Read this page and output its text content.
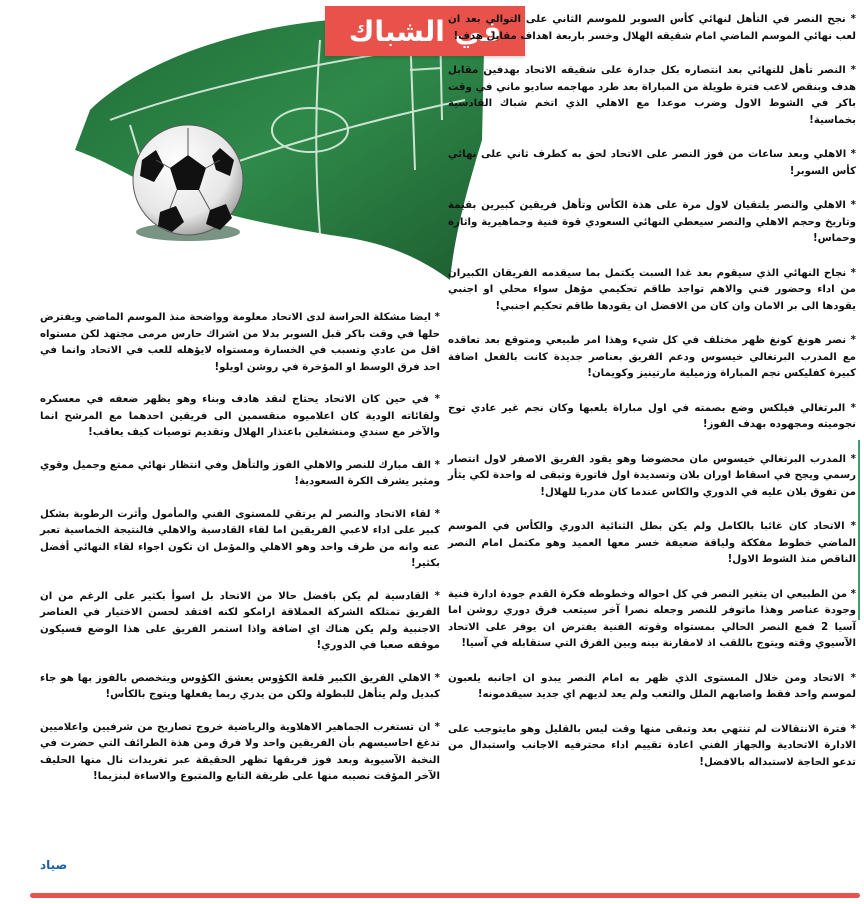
في الشباك

* نجح النصر في التأهل لنهائي كأس السوبر للموسم الثاني على التوالي بعد ان لعب نهائي الموسم الماضي امام شقيقه الهلال وخسر باربعة اهداف مقابل هدف!

* النصر تأهل للنهائي بعد انتصاره بكل جدارة على شقيقه الاتحاد بهدفين مقابل هدف وبنقص لاعب فترة طويلة من المباراة بعد طرد مهاجمه ساديو ماني في وقت باكر في الشوط الاول وضرب موعدا مع الاهلي الذي اتخم شباك القادسية بخماسية!

* الاهلي وبعد ساعات من فوز النصر على الاتحاد لحق به كطرف ثاني على نهائي كأس السوبر!

* الاهلي والنصر يلتقيان لاول مرة على هذة الكأس وتأهل فريقين كبيرين بقيمة وتاريخ وحجم الاهلي والنصر سيعطي النهائي السعودي قوة فنية وجماهيرية واثارة وحماس!

* نجاح النهائي الذي سيقوم بعد غدا السبت يكتمل بما سيقدمه الفريقان الكبيران من اداء وحضور فني والاهم تواجد طاقم تحكيمي مؤهل سواء محلي او اجنبي يقودها الى بر الامان وان كان من الافضل ان يقودها طاقم تحكيم اجنبي!

* نصر هونغ كونغ ظهر مختلف في كل شيء وهذا امر طبيعي ومتوقع بعد تعاقده مع المدرب البرتغالي خيسوس ودعم الفريق بعناصر جديدة كانت بالفعل اضافة كبيرة كفليكس نجم المباراة وزميلية مارتينيز وكويمان!

* البرتغالي فيلكس وضع بصمته في اول مباراة يلعبها وكان نجم غير عادي توج نجوميته ومجهوده بهدف الفوز!

* المدرب البرتغالي خيسوس مان محضوضا وهو يقود الفريق الاصفر لاول انتصار رسمي ويجح في اسقاط اوران بلان وتسديدة اول فاتورة وتبقى له واحدة لكي يثأر من تفوق بلان عليه في الدوري والكاس عندما كان مدربا للهلال!

* الاتحاد كان غائبا بالكامل ولم يكن بطل الثنائية الدوري والكأس في الموسم الماضي خطوط مفككة ولياقة ضعيفة خسر معها العميد وهو مكتمل امام النصر الناقص منذ الشوط الاول!

* من الطبيعي ان يتغير النصر في كل احواله وخطوطه فكرة القدم جودة ادارة فنية وجودة عناصر وهذا ماتوفر للنصر وجعله نصرا آخر سيتعب فرق دوري روشن اما آسيا 2 فمع النصر الحالي بمستواه وقوته الفنية يفترض ان يوفر على الاتحاد الآسيوي وقته ويتوج باللقب اذ لامقارنة بينه وبين الفرق التي ستقابله في آسيا!

* الاتحاد ومن خلال المستوى الذي ظهر به امام النصر يبدو ان اجانبه يلعبون لموسم واحد فقط واصابهم الملل والتعب ولم يعد لديهم اي جديد سيقدمونه!

* فترة الانتقالات لم تنتهي بعد وتبقى منها وقت ليس بالقليل وهو مايتوجب على الادارة الاتحادية والجهاز الفني اعادة تقييم اداء محترفيه الاجانب واستبدال من تدعو الحاجة لاستبداله بالافضل!

* ايضا مشكلة الحراسة لدى الاتحاد معلومة وواضحة منذ الموسم الماضي ويفترض حلها في وقت باكر قبل السوبر بدلا من اشراك حارس مرمى مجتهد لكن مستواه اقل من عادي وتسبب في الخسارة ومستواه لايؤهله للعب في الاتحاد وانما في احد فرق الوسط او المؤخرة في روشن اويلو!

* في حين كان الاتحاد يحتاج لنقد هادف وبناء وهو يظهر ضعفه في معسكره ولقائاته الودية كان اعلاميوه منقسمين الى فريقين احدهما مع المرشح انما والآخر مع سندي ومنشغلين باعتذار الهلال وتقديم توصيات كيف يعاقب!

* الف مبارك للنصر والاهلي الفوز والتأهل وفي انتظار نهائي ممتع وجميل وقوي ومثير يشرف الكرة السعودية!

* لقاء الاتحاد والنصر لم يرتقي للمستوى الفني والمأمول وأثرت الرطوبة بشكل كبير على اداء لاعبي الفريقين اما لقاء القادسية والاهلي فالنتيجة الخماسية تعبر عنه وانه من طرف واحد وهو الاهلي والمؤمل ان تكون اجواء لقاء النهائي أفضل بكثير!

* القادسية لم يكن بافضل حالا من الاتحاد بل اسوأ بكثير على الرغم من ان الفريق تمتلكه الشركة العملاقة ارامكو لكنه افتقد لحسن الاختيار في العناصر الاجنبية ولم يكن هناك اي اضافة واذا استمر الفريق على هذا الوضع فسيكون موقفه صعبا في الدوري!

* الاهلي الفريق الكبير قلعة الكؤوس يعشق الكؤوس ويتخصص بالفوز بها هو جاء كبديل ولم يتأهل للبطولة ولكن من يدري ربما يفعلها ويتوج بالكأس!

* ان تستغرب الجماهير الاهلاوية والرياضية خروج تصاريح من شرفيين واعلاميين تدغغ احاسيسهم بأن الفريقين واحد ولا فرق ومن هذة الطرائف التي حضرت في النخبة الآسيوية وبعد فوز فريقها تظهر الحقيقة عبر تغريدات نال منها الحليف الآخر المؤقت نصيبه منها على طريقة التابع والمتبوع والاساءة لبنزيما!

صياد
